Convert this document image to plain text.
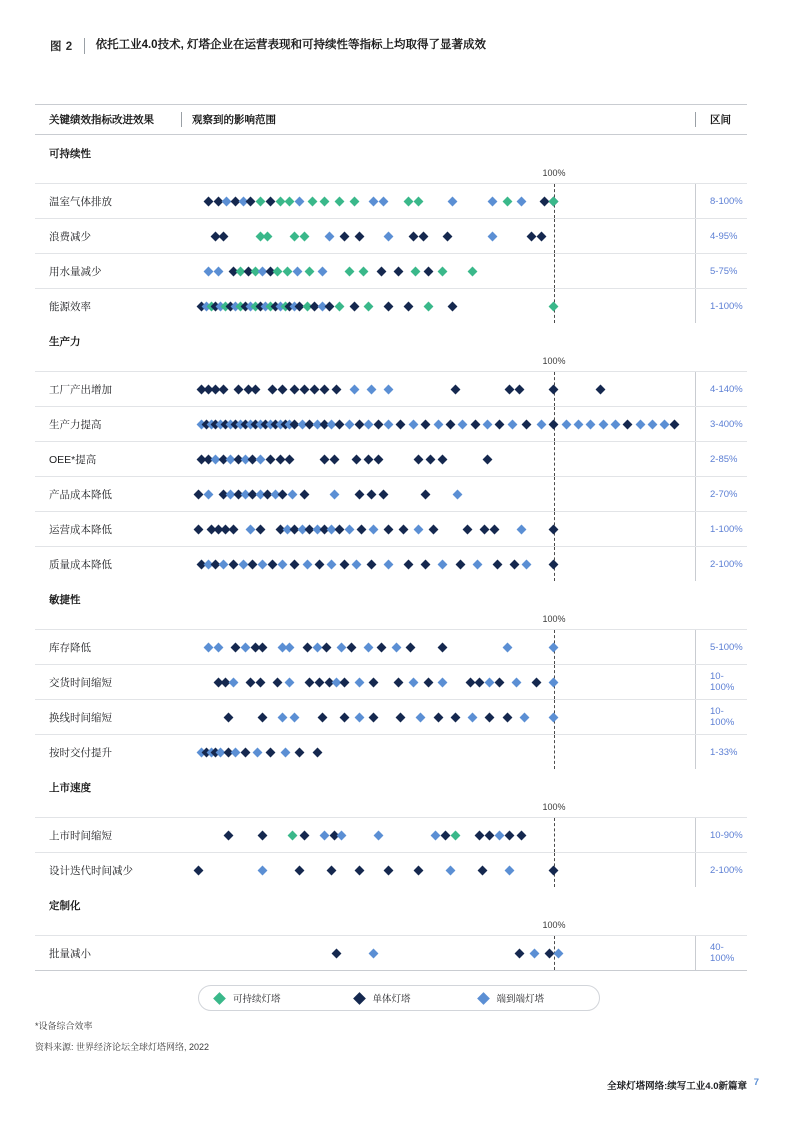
图 2	依托工业4.0技术, 灯塔企业在运营表现和可持续性等指标上均取得了显著成效
关键绩效指标改进效果	观察到的影响范围	区间
可持续性
100%
温室气体排放	8-100%
浪费减少	4-95%
用水量减少	5-75%
能源效率	1-100%
生产力
100%
工厂产出增加	4-140%
生产力提高	3-400%
OEE*提高	2-85%
产品成本降低	2-70%
运营成本降低	1-100%
质量成本降低	2-100%
敏捷性
100%
库存降低	5-100%
交货时间缩短	10-100%
换线时间缩短	10-100%
按时交付提升	1-33%
上市速度
100%
上市时间缩短	10-90%
设计迭代时间减少	2-100%
定制化
100%
批量减小	40-100%
可持续灯塔	单体灯塔	端到端灯塔
*设备综合效率
资料来源: 世界经济论坛全球灯塔网络, 2022
全球灯塔网络:续写工业4.0新篇章 7
